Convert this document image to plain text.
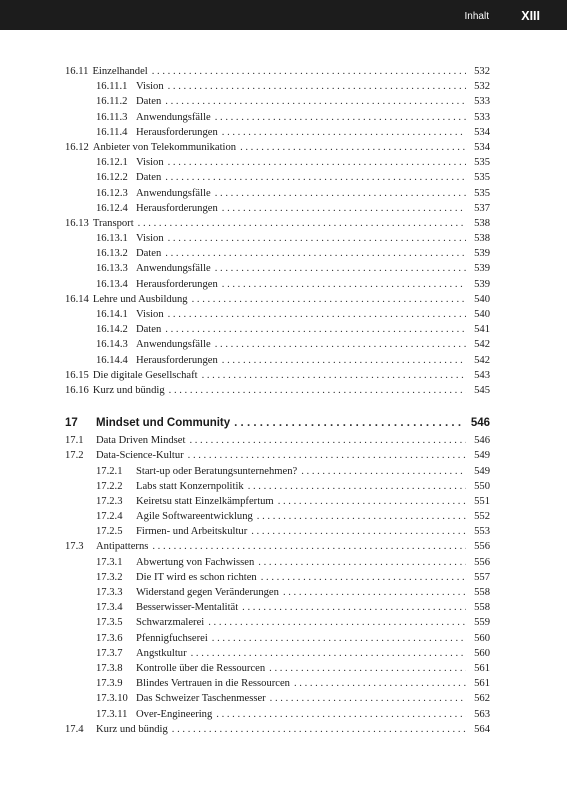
Inhalt	XIII
16.11 Einzelhandel . . .	532
16.11.1 Vision . . .	532
16.11.2 Daten . . .	533
16.11.3 Anwendungsfälle . . .	533
16.11.4 Herausforderungen . . .	534
16.12 Anbieter von Telekommunikation . . .	534
16.12.1 Vision . . .	535
16.12.2 Daten . . .	535
16.12.3 Anwendungsfälle . . .	535
16.12.4 Herausforderungen . . .	537
16.13 Transport . . .	538
16.13.1 Vision . . .	538
16.13.2 Daten . . .	539
16.13.3 Anwendungsfälle . . .	539
16.13.4 Herausforderungen . . .	539
16.14 Lehre und Ausbildung . . .	540
16.14.1 Vision . . .	540
16.14.2 Daten . . .	541
16.14.3 Anwendungsfälle . . .	542
16.14.4 Herausforderungen . . .	542
16.15 Die digitale Gesellschaft . . .	543
16.16 Kurz und bündig . . .	545
17	Mindset und Community . . .	546
17.1	Data Driven Mindset . . .	546
17.2	Data-Science-Kultur . . .	549
17.2.1	Start-up oder Beratungsunternehmen? . . .	549
17.2.2	Labs statt Konzernpolitik . . .	550
17.2.3	Keiretsu statt Einzelkämpfertum . . .	551
17.2.4	Agile Softwareentwicklung . . .	552
17.2.5	Firmen- und Arbeitskultur . . .	553
17.3	Antipatterns . . .	556
17.3.1	Abwertung von Fachwissen . . .	556
17.3.2	Die IT wird es schon richten . . .	557
17.3.3	Widerstand gegen Veränderungen . . .	558
17.3.4	Besserwisser-Mentalität . . .	558
17.3.5	Schwarzmalerei . . .	559
17.3.6	Pfennigfuchserei . . .	560
17.3.7	Angstkultur . . .	560
17.3.8	Kontrolle über die Ressourcen . . .	561
17.3.9	Blindes Vertrauen in die Ressourcen . . .	561
17.3.10 Das Schweizer Taschenmesser . . .	562
17.3.11 Over-Engineering . . .	563
17.4	Kurz und bündig . . .	564
